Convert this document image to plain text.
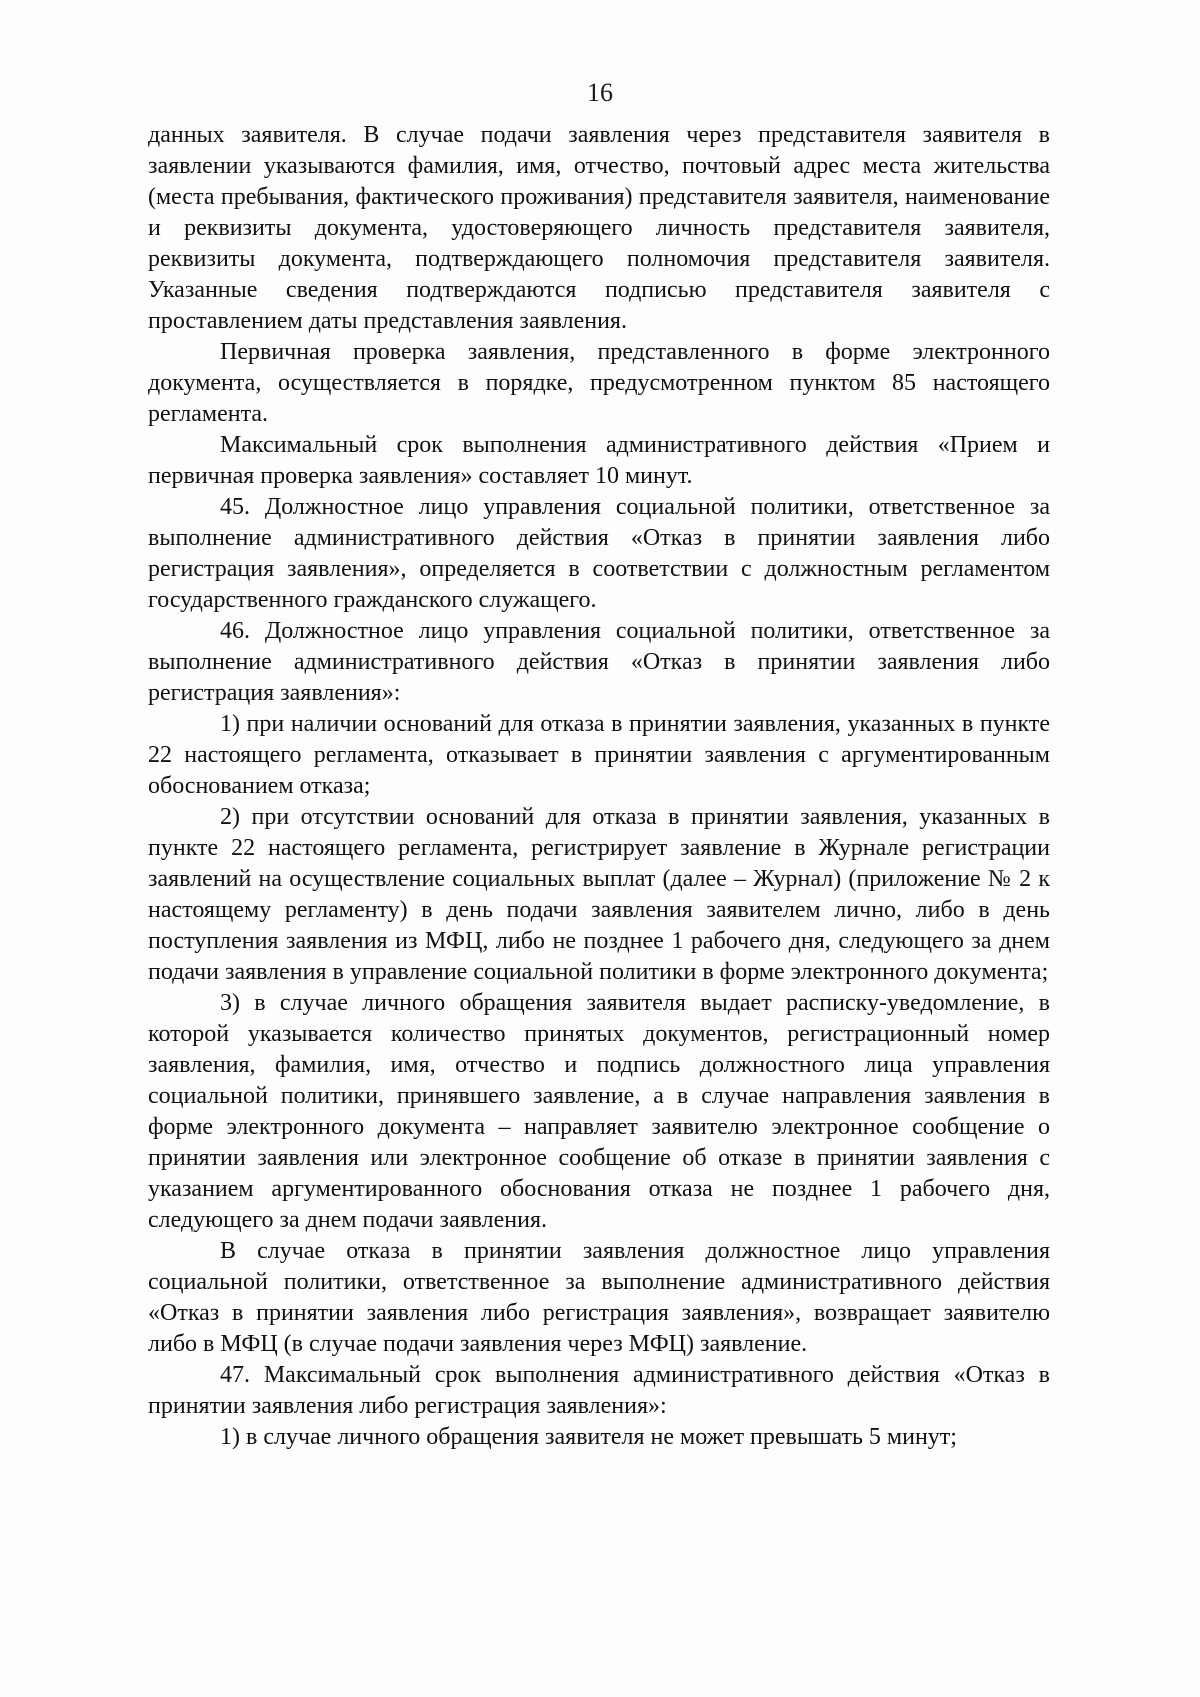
16

данных заявителя. В случае подачи заявления через представителя заявителя в заявлении указываются фамилия, имя, отчество, почтовый адрес места жительства (места пребывания, фактического проживания) представителя заявителя, наименование и реквизиты документа, удостоверяющего личность представителя заявителя, реквизиты документа, подтверждающего полномочия представителя заявителя. Указанные сведения подтверждаются подписью представителя заявителя с проставлением даты представления заявления.

Первичная проверка заявления, представленного в форме электронного документа, осуществляется в порядке, предусмотренном пунктом 85 настоящего регламента.

Максимальный срок выполнения административного действия «Прием и первичная проверка заявления» составляет 10 минут.

45. Должностное лицо управления социальной политики, ответственное за выполнение административного действия «Отказ в принятии заявления либо регистрация заявления», определяется в соответствии с должностным регламентом государственного гражданского служащего.

46. Должностное лицо управления социальной политики, ответственное за выполнение административного действия «Отказ в принятии заявления либо регистрация заявления»:

1) при наличии оснований для отказа в принятии заявления, указанных в пункте 22 настоящего регламента, отказывает в принятии заявления с аргументированным обоснованием отказа;

2) при отсутствии оснований для отказа в принятии заявления, указанных в пункте 22 настоящего регламента, регистрирует заявление в Журнале регистрации заявлений на осуществление социальных выплат (далее – Журнал) (приложение № 2 к настоящему регламенту) в день подачи заявления заявителем лично, либо в день поступления заявления из МФЦ, либо не позднее 1 рабочего дня, следующего за днем подачи заявления в управление социальной политики в форме электронного документа;

3) в случае личного обращения заявителя выдает расписку-уведомление, в которой указывается количество принятых документов, регистрационный номер заявления, фамилия, имя, отчество и подпись должностного лица управления социальной политики, принявшего заявление, а в случае направления заявления в форме электронного документа – направляет заявителю электронное сообщение о принятии заявления или электронное сообщение об отказе в принятии заявления с указанием аргументированного обоснования отказа не позднее 1 рабочего дня, следующего за днем подачи заявления.

В случае отказа в принятии заявления должностное лицо управления социальной политики, ответственное за выполнение административного действия «Отказ в принятии заявления либо регистрация заявления», возвращает заявителю либо в МФЦ (в случае подачи заявления через МФЦ) заявление.

47. Максимальный срок выполнения административного действия «Отказ в принятии заявления либо регистрация заявления»:

1) в случае личного обращения заявителя не может превышать 5 минут;
